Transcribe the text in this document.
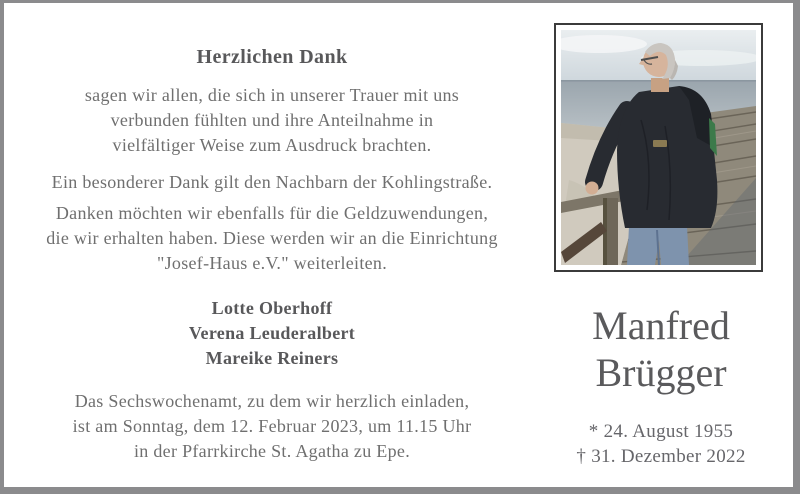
Herzlichen Dank

sagen wir allen, die sich in unserer Trauer mit uns
verbunden fühlten und ihre Anteilnahme in
vielfältiger Weise zum Ausdruck brachten.

Ein besonderer Dank gilt den Nachbarn der Kohlingstraße.

Danken möchten wir ebenfalls für die Geldzuwendungen,
die wir erhalten haben. Diese werden wir an die Einrichtung
"Josef-Haus e.V." weiterleiten.

Lotte Oberhoff
Verena Leuderalbert
Mareike Reiners

Das Sechswochenamt, zu dem wir herzlich einladen,
ist am Sonntag, dem 12. Februar 2023, um 11.15 Uhr
in der Pfarrkirche St. Agatha zu Epe.

Manfred
Brügger
* 24. August 1955
† 31. Dezember 2022
